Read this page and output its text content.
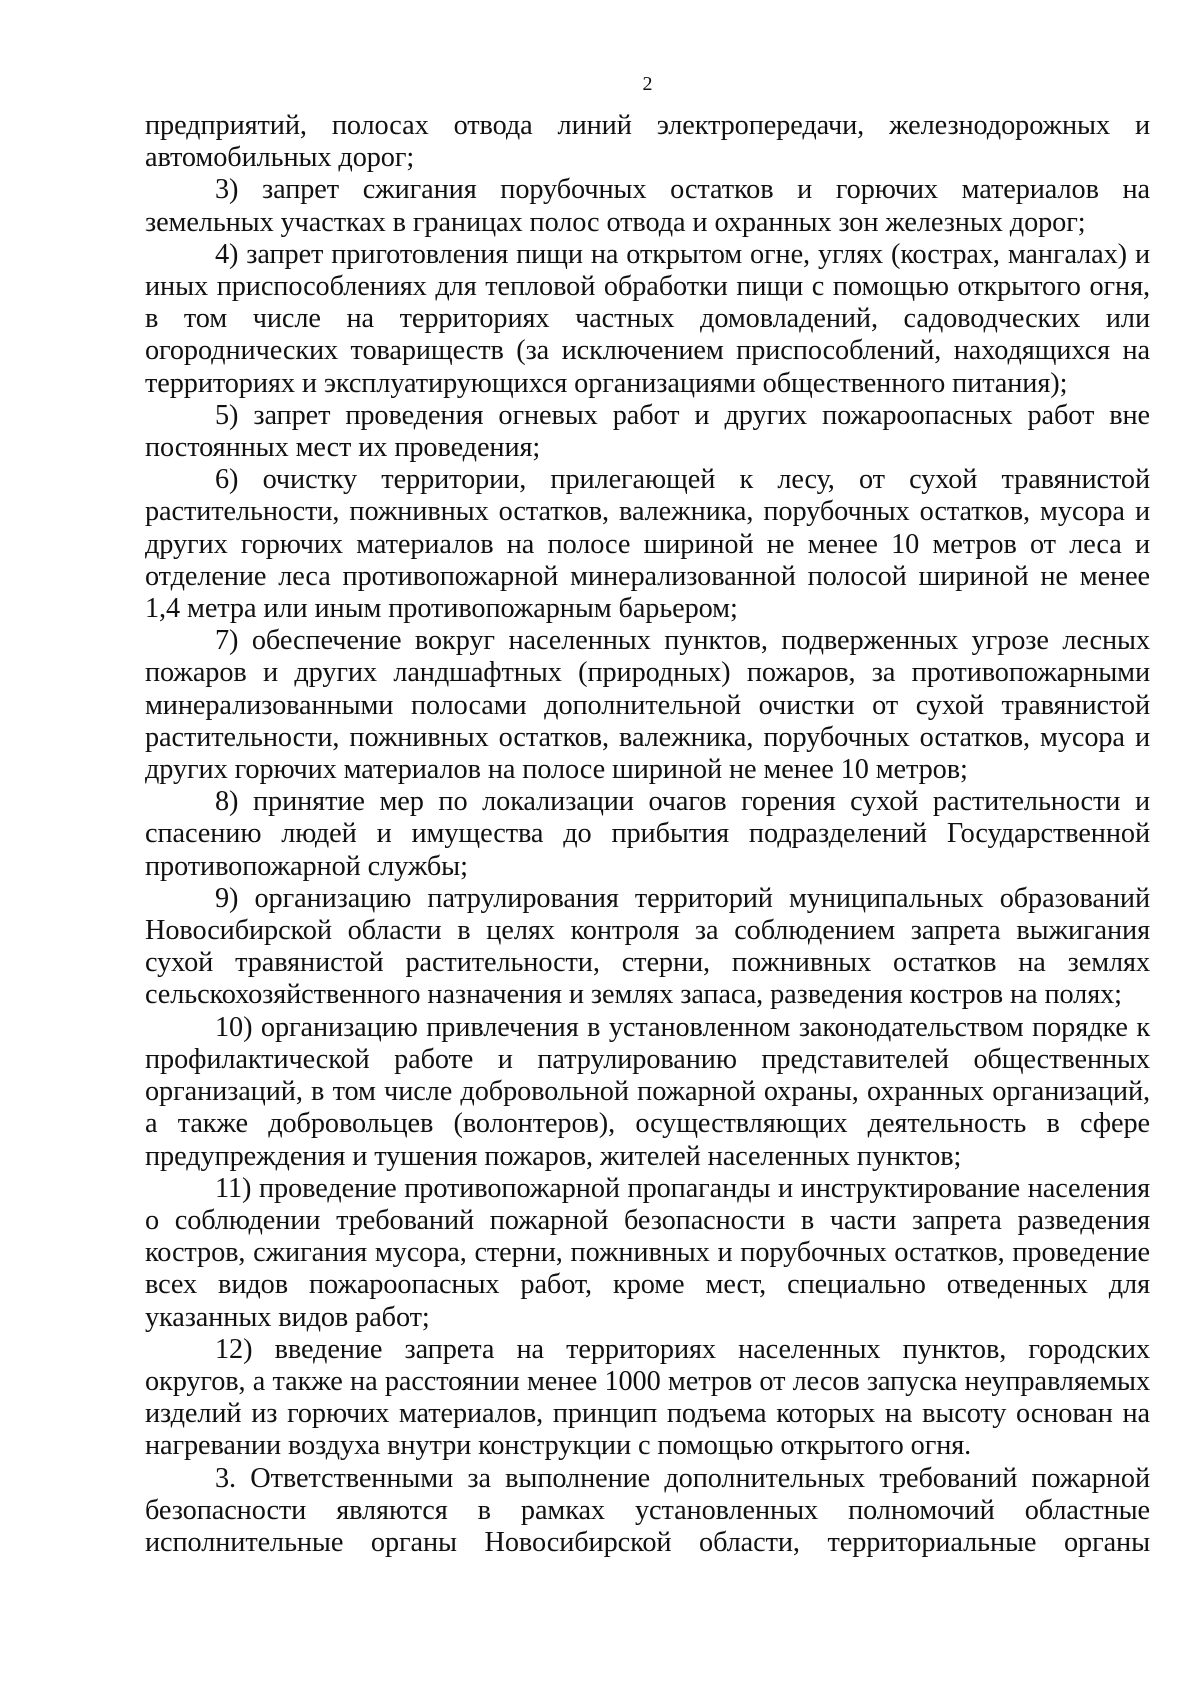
2

предприятий, полосах отвода линий электропередачи, железнодорожных и автомобильных дорог;

3) запрет сжигания порубочных остатков и горючих материалов на земельных участках в границах полос отвода и охранных зон железных дорог;

4) запрет приготовления пищи на открытом огне, углях (кострах, мангалах) и иных приспособлениях для тепловой обработки пищи с помощью открытого огня, в том числе на территориях частных домовладений, садоводческих или огороднических товариществ (за исключением приспособлений, находящихся на территориях и эксплуатирующихся организациями общественного питания);

5) запрет проведения огневых работ и других пожароопасных работ вне постоянных мест их проведения;

6) очистку территории, прилегающей к лесу, от сухой травянистой растительности, пожнивных остатков, валежника, порубочных остатков, мусора и других горючих материалов на полосе шириной не менее 10 метров от леса и отделение леса противопожарной минерализованной полосой шириной не менее 1,4 метра или иным противопожарным барьером;

7) обеспечение вокруг населенных пунктов, подверженных угрозе лесных пожаров и других ландшафтных (природных) пожаров, за противопожарными минерализованными полосами дополнительной очистки от сухой травянистой растительности, пожнивных остатков, валежника, порубочных остатков, мусора и других горючих материалов на полосе шириной не менее 10 метров;

8) принятие мер по локализации очагов горения сухой растительности и спасению людей и имущества до прибытия подразделений Государственной противопожарной службы;

9) организацию патрулирования территорий муниципальных образований Новосибирской области в целях контроля за соблюдением запрета выжигания сухой травянистой растительности, стерни, пожнивных остатков на землях сельскохозяйственного назначения и землях запаса, разведения костров на полях;

10) организацию привлечения в установленном законодательством порядке к профилактической работе и патрулированию представителей общественных организаций, в том числе добровольной пожарной охраны, охранных организаций, а также добровольцев (волонтеров), осуществляющих деятельность в сфере предупреждения и тушения пожаров, жителей населенных пунктов;

11) проведение противопожарной пропаганды и инструктирование населения о соблюдении требований пожарной безопасности в части запрета разведения костров, сжигания мусора, стерни, пожнивных и порубочных остатков, проведение всех видов пожароопасных работ, кроме мест, специально отведенных для указанных видов работ;

12) введение запрета на территориях населенных пунктов, городских округов, а также на расстоянии менее 1000 метров от лесов запуска неуправляемых изделий из горючих материалов, принцип подъема которых на высоту основан на нагревании воздуха внутри конструкции с помощью открытого огня.

3. Ответственными за выполнение дополнительных требований пожарной безопасности являются в рамках установленных полномочий областные исполнительные органы Новосибирской области, территориальные органы
